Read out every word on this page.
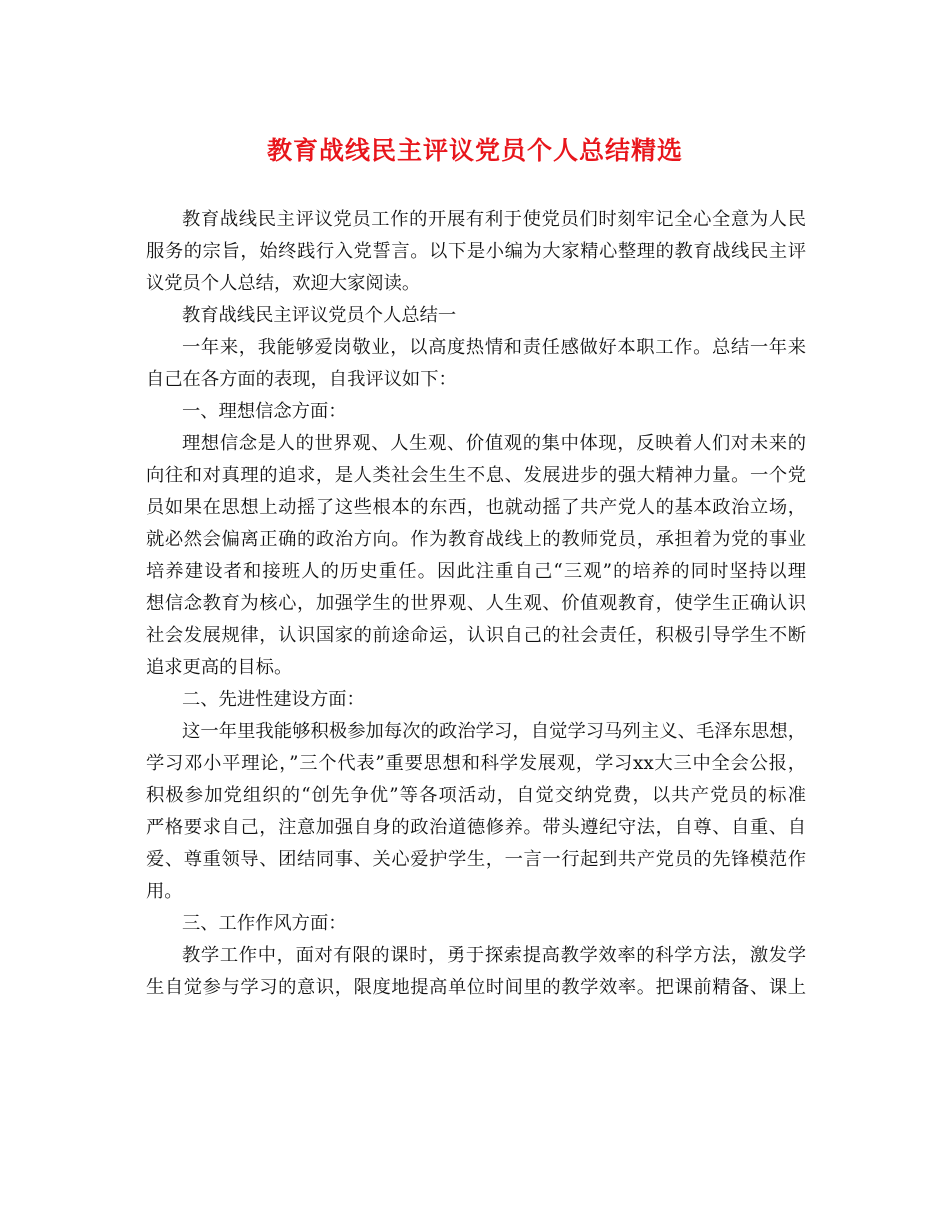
教育战线民主评议党员个人总结精选
教育战线民主评议党员工作的开展有利于使党员们时刻牢记全心全意为人民
服务的宗旨，始终践行入党誓言。以下是小编为大家精心整理的教育战线民主评
议党员个人总结，欢迎大家阅读。
教育战线民主评议党员个人总结一
一年来，我能够爱岗敬业，以高度热情和责任感做好本职工作。总结一年来
自己在各方面的表现，自我评议如下：
一、理想信念方面：
理想信念是人的世界观、人生观、价值观的集中体现，反映着人们对未来的
向往和对真理的追求，是人类社会生生不息、发展进步的强大精神力量。一个党
员如果在思想上动摇了这些根本的东西，也就动摇了共产党人的基本政治立场，
就必然会偏离正确的政治方向。作为教育战线上的教师党员，承担着为党的事业
培养建设者和接班人的历史重任。因此注重自己“三观”的培养的同时坚持以理
想信念教育为核心，加强学生的世界观、人生观、价值观教育，使学生正确认识
社会发展规律，认识国家的前途命运，认识自己的社会责任，积极引导学生不断
追求更高的目标。
二、先进性建设方面：
这一年里我能够积极参加每次的政治学习，自觉学习马列主义、毛泽东思想，
学习邓小平理论，”三个代表”重要思想和科学发展观，学习xx大三中全会公报，
积极参加党组织的“创先争优”等各项活动，自觉交纳党费，以共产党员的标准
严格要求自己，注意加强自身的政治道德修养。带头遵纪守法，自尊、自重、自
爱、尊重领导、团结同事、关心爱护学生，一言一行起到共产党员的先锋模范作
用。
三、工作作风方面：
教学工作中，面对有限的课时，勇于探索提高教学效率的科学方法，激发学
生自觉参与学习的意识，限度地提高单位时间里的教学效率。把课前精备、课上
